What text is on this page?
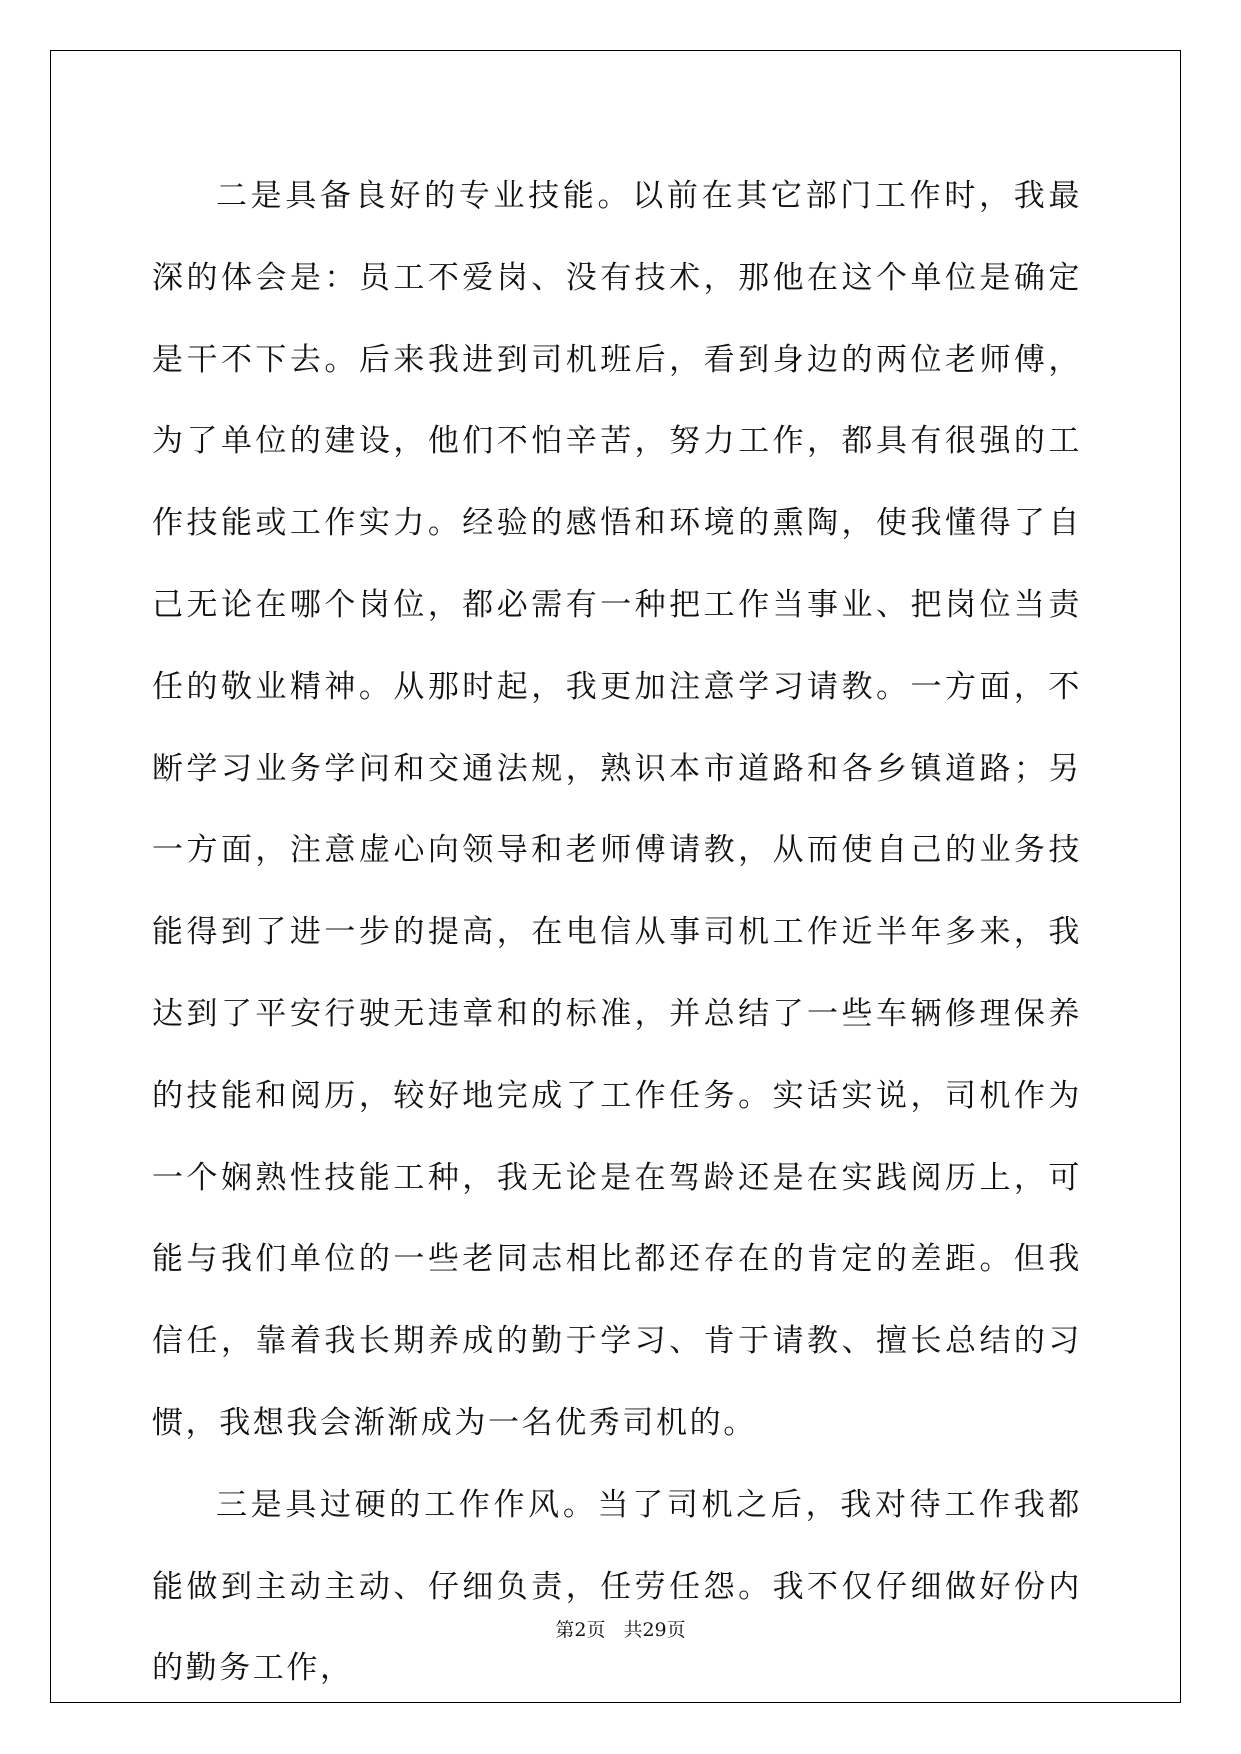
二是具备良好的专业技能。以前在其它部门工作时，我最深的体会是：员工不爱岗、没有技术，那他在这个单位是确定是干不下去。后来我进到司机班后，看到身边的两位老师傅，为了单位的建设，他们不怕辛苦，努力工作，都具有很强的工作技能或工作实力。经验的感悟和环境的熏陶，使我懂得了自己无论在哪个岗位，都必需有一种把工作当事业、把岗位当责任的敬业精神。从那时起，我更加注意学习请教。一方面，不断学习业务学问和交通法规，熟识本市道路和各乡镇道路；另一方面，注意虚心向领导和老师傅请教，从而使自己的业务技能得到了进一步的提高，在电信从事司机工作近半年多来，我达到了平安行驶无违章和的标准，并总结了一些车辆修理保养的技能和阅历，较好地完成了工作任务。实话实说，司机作为一个娴熟性技能工种，我无论是在驾龄还是在实践阅历上，可能与我们单位的一些老同志相比都还存在的肯定的差距。但我信任，靠着我长期养成的勤于学习、肯于请教、擅长总结的习惯，我想我会渐渐成为一名优秀司机的。

三是具过硬的工作作风。当了司机之后，我对待工作我都能做到主动主动、仔细负责，任劳任怨。我不仅仔细做好份内的勤务工作，

第2页 共29页
